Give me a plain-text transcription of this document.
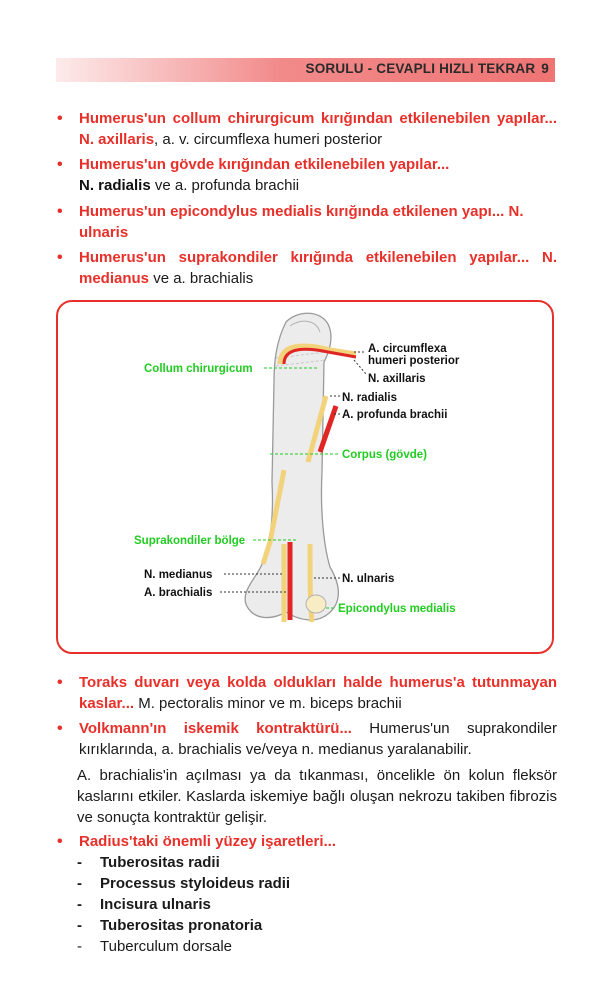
SORULU - CEVAPLI HIZLI TEKRAR 9
• Humerus'un collum chirurgicum kırığından etkilenebilen yapılar... N. axillaris, a. v. circumflexa humeri posterior
• Humerus'un gövde kırığından etkilenebilen yapılar...
N. radialis ve a. profunda brachii
• Humerus'un epicondylus medialis kırığında etkilenen yapı... N. ulnaris
• Humerus'un suprakondiler kırığında etkilenebilen yapılar... N. medianus ve a. brachialis
A. circumflexa
humeri posterior
N. axillaris
Collum chirurgicum
N. radialis
A. profunda brachii
Corpus (gövde)
Suprakondiler bölge
N. medianus
A. brachialis
N. ulnaris
Epicondylus medialis
• Toraks duvarı veya kolda oldukları halde humerus'a tutunmayan kaslar... M. pectoralis minor ve m. biceps brachii
• Volkmann'ın iskemik kontraktürü... Humerus'un suprakondiler kırıklarında, a. brachialis ve/veya n. medianus yaralanabilir.
A. brachialis'in açılması ya da tıkanması, öncelikle ön kolun fleksör kaslarını etkiler. Kaslarda iskemiye bağlı oluşan nekrozu takiben fibrozis ve sonuçta kontraktür gelişir.
• Radius'taki önemli yüzey işaretleri...
-	Tuberositas radii
-	Processus styloideus radii
-	Incisura ulnaris
-	Tuberositas pronatoria
-	Tuberculum dorsale
